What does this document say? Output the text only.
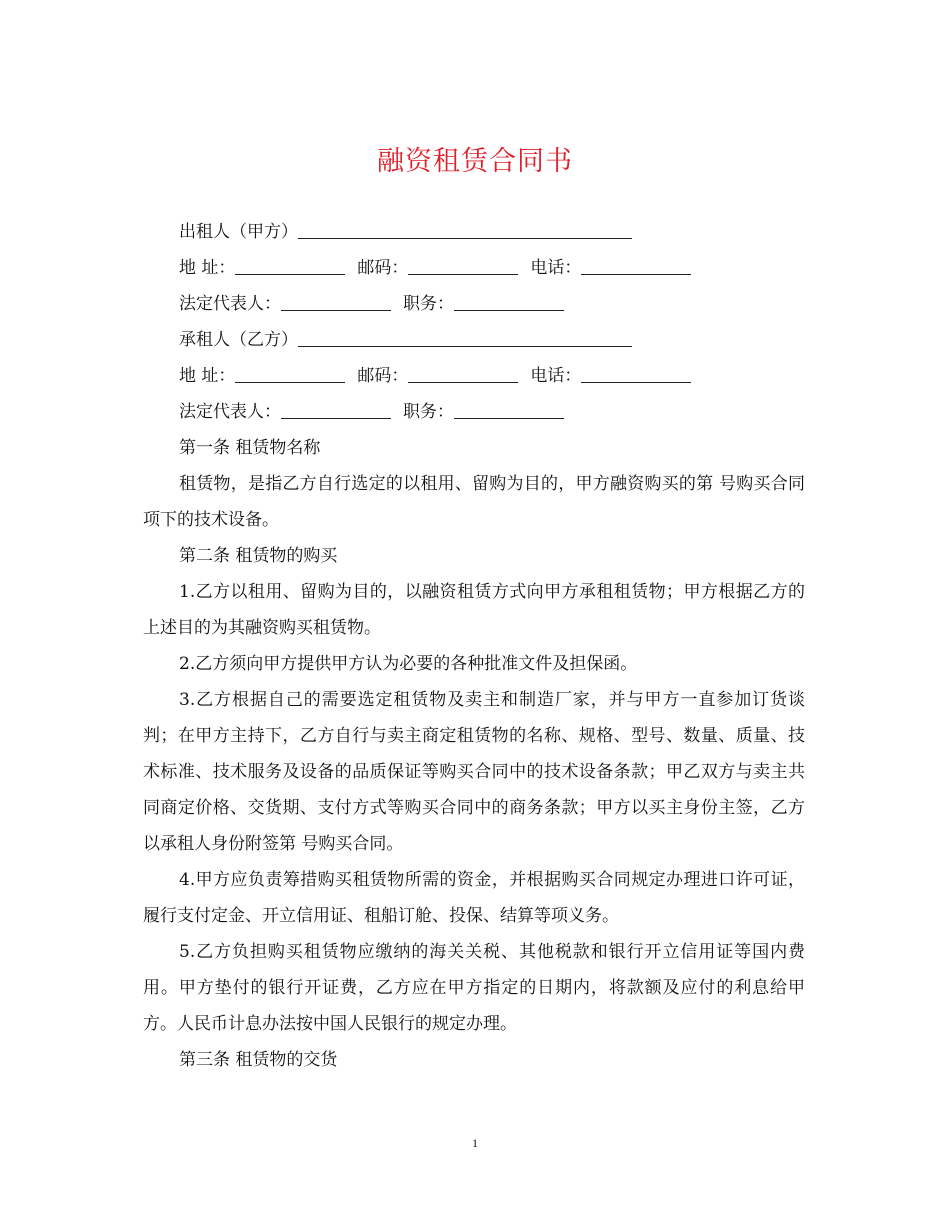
融资租赁合同书
出租人（甲方）
地 址：	邮码：	电话：
法定代表人：	职务：
承租人（乙方）
地 址：	邮码：	电话：
法定代表人：	职务：
第一条 租赁物名称
租赁物，是指乙方自行选定的以租用、留购为目的，甲方融资购买的第 号购买合同项下的技术设备。
第二条 租赁物的购买
1.乙方以租用、留购为目的，以融资租赁方式向甲方承租租赁物；甲方根据乙方的上述目的为其融资购买租赁物。
2.乙方须向甲方提供甲方认为必要的各种批准文件及担保函。
3.乙方根据自己的需要选定租赁物及卖主和制造厂家，并与甲方一直参加订货谈判；在甲方主持下，乙方自行与卖主商定租赁物的名称、规格、型号、数量、质量、技术标准、技术服务及设备的品质保证等购买合同中的技术设备条款；甲乙双方与卖主共同商定价格、交货期、支付方式等购买合同中的商务条款；甲方以买主身份主签，乙方以承租人身份附签第 号购买合同。
4.甲方应负责筹措购买租赁物所需的资金，并根据购买合同规定办理进口许可证，履行支付定金、开立信用证、租船订舱、投保、结算等项义务。
5.乙方负担购买租赁物应缴纳的海关关税、其他税款和银行开立信用证等国内费用。甲方垫付的银行开证费，乙方应在甲方指定的日期内，将款额及应付的利息给甲方。人民币计息办法按中国人民银行的规定办理。
第三条 租赁物的交货
1
